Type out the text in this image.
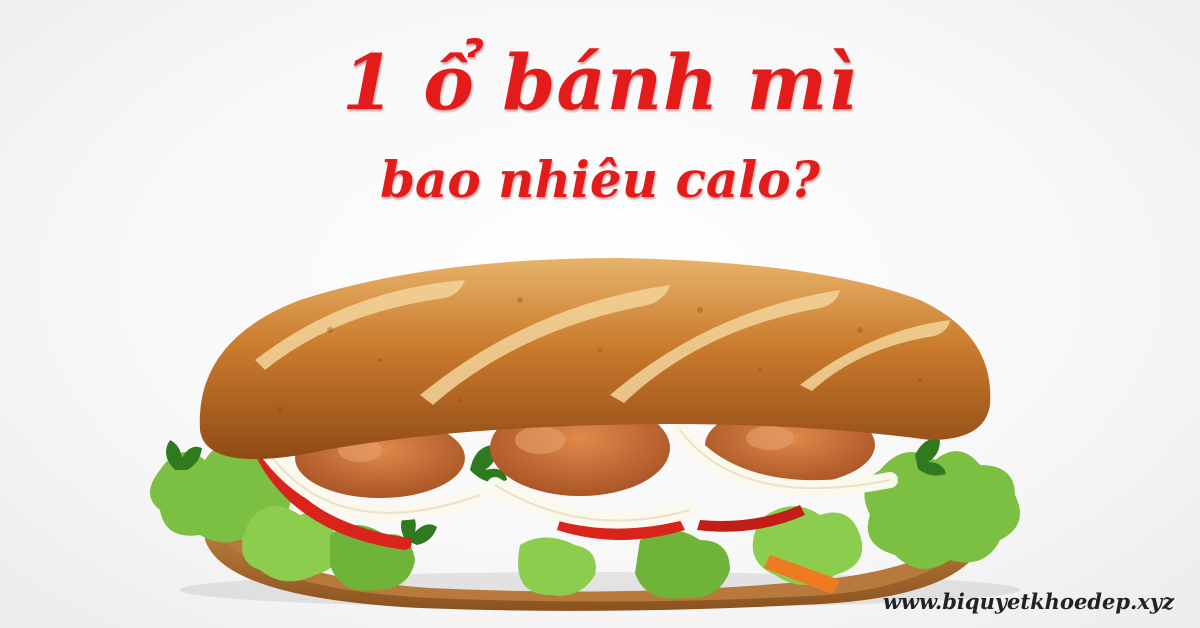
1 ổ bánh mì
bao nhiêu calo?
www.biquyetkhoedep.xyz
